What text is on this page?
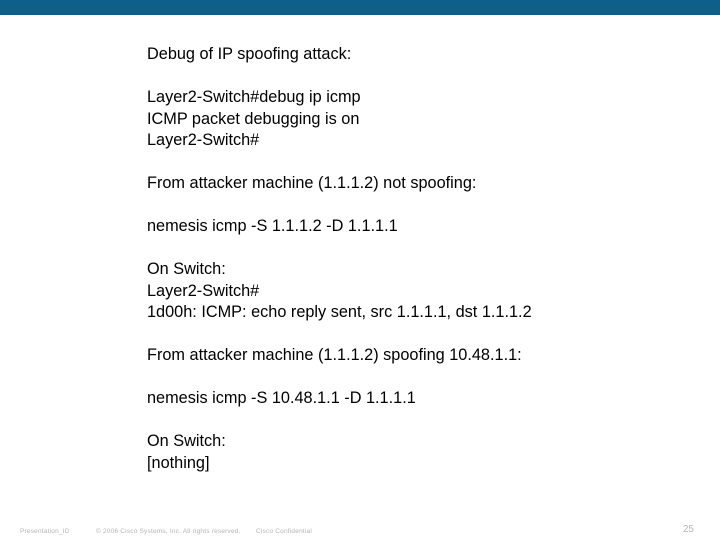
Debug of IP spoofing attack:
Layer2-Switch#debug ip icmp
ICMP packet debugging is on
Layer2-Switch#
From attacker machine (1.1.1.2) not spoofing:
nemesis icmp -S 1.1.1.2 -D 1.1.1.1
On Switch:
Layer2-Switch#
1d00h: ICMP: echo reply sent, src 1.1.1.1, dst 1.1.1.2
From attacker machine (1.1.1.2) spoofing 10.48.1.1:
nemesis icmp -S 10.48.1.1 -D 1.1.1.1
On Switch:
[nothing]
Presentation_ID	© 2006 Cisco Systems, Inc. All rights reserved. Cisco Confidential	25
